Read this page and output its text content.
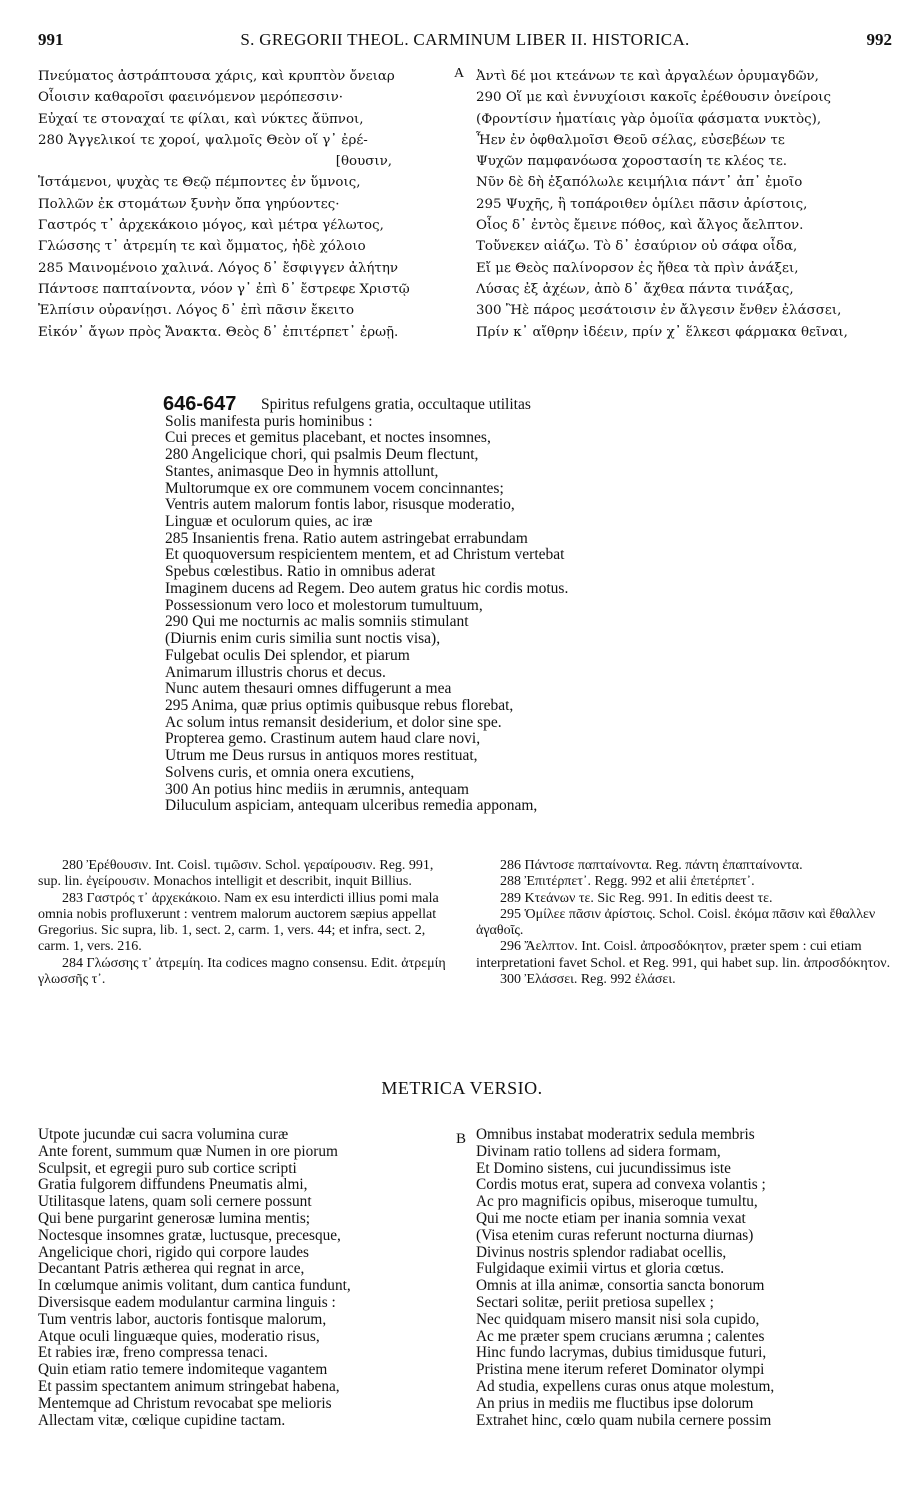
991	S. GREGORII THEOL. CARMINUM LIBER II. HISTORICA.	992
Πνεύματος ἀστράπτουσα χάρις, καὶ κρυπτὸν ὄνειαρ
Οἷοισιν καθαροῖσι φαεινόμενον μερόπεσσιν·
Εὐχαί τε στοναχαί τε φίλαι, καὶ νύκτες ἄϋπνοι,
280 Ἀγγελικοί τε χοροί, ψαλμοῖς Θεὸν οἵ γ᾽ ἐρέ-
[θουσιν,
Ἱστάμενοι, ψυχὰς τε Θεῷ πέμποντες ἐν ὕμνοις,
Πολλῶν ἐκ στομάτων ξυνὴν ὄπα γηρύοντες·
Γαστρός τ᾽ ἀρχεκάκοιο μόγος, καὶ μέτρα γέλωτος,
Γλώσσης τ᾽ ἀτρεμίη τε καὶ ὄμματος, ἠδὲ χόλοιο
285 Μαινομένοιο χαλινά. Λόγος δ᾽ ἔσφιγγεν ἀλήτην
Πάντοσε παπταίνοντα, νόον γ᾽ ἐπὶ δ᾽ ἔστρεφε Χριστῷ
Ἐλπίσιν οὐρανίῃσι. Λόγος δ᾽ ἐπὶ πᾶσιν ἔκειτο
Εἰκόν᾽ ἄγων πρὸς Ἄνακτα. Θεὸς δ᾽ ἐπιτέρπετ᾽ ἐρωῇ.
A Ἀντὶ δέ μοι κτεάνων τε καὶ ἀργαλέων ὀρυμαγδῶν,
290 Οἵ με καὶ ἐννυχίοισι κακοῖς ἐρέθουσιν ὀνείροις
(Φροντίσιν ἠματίαις γὰρ ὁμοίϊα φάσματα νυκτὸς),
Ἦεν ἐν ὀφθαλμοῖσι Θεοῦ σέλας, εὐσεβέων τε
Ψυχῶν παμφανόωσα χοροστασίη τε κλέος τε.
Νῦν δὲ δὴ ἐξαπόλωλε κειμήλια πάντ᾽ ἀπ᾽ ἐμοῖο
295 Ψυχῆς, ἣ τοπάροιθεν ὁμίλει πᾶσιν ἀρίστοις,
Οἶος δ᾽ ἐντὸς ἔμεινε πόθος, καὶ ἄλγος ἄελπτον.
Τοὔνεκεν αἰάζω. Τὸ δ᾽ ἐσαύριον οὐ σάφα οἶδα,
Εἴ με Θεὸς παλίνορσον ἐς ἤθεα τὰ πρὶν ἀνάξει,
Λύσας ἐξ ἀχέων, ἀπὸ δ᾽ ἄχθεα πάντα τινάξας,
300 Ἢὲ πάρος μεσάτοισιν ἐν ἄλγεσιν ἔνθεν ἐλάσσει,
Πρίν κ᾽ αἴθρην ἰδέειν, πρίν χ᾽ ἕλκεσι φάρμακα θεῖναι,
646-647	Spiritus refulgens gratia, occultaque utilitas
Solis manifesta puris hominibus :
Cui preces et gemitus placebant, et noctes insomnes,
280 Angelicique chori, qui psalmis Deum flectunt,
Stantes, animasque Deo in hymnis attollunt,
Multorumque ex ore communem vocem concinnantes;
Ventris autem malorum fontis labor, risusque moderatio,
Linguæ et oculorum quies, ac iræ
285 Insanientis frena. Ratio autem astringebat errabundam
Et quoquoversum respicientem mentem, et ad Christum vertebat
Spebus cœlestibus. Ratio in omnibus aderat
Imaginem ducens ad Regem. Deo autem gratus hic cordis motus.
Possessionum vero loco et molestorum tumultuum,
290 Qui me nocturnis ac malis somniis stimulant
(Diurnis enim curis similia sunt noctis visa),
Fulgebat oculis Dei splendor, et piarum
Animarum illustris chorus et decus.
Nunc autem thesauri omnes diffugerunt a mea
295 Anima, quæ prius optimis quibusque rebus florebat,
Ac solum intus remansit desiderium, et dolor sine spe.
Propterea gemo. Crastinum autem haud clare novi,
Utrum me Deus rursus in antiquos mores restituat,
Solvens curis, et omnia onera excutiens,
300 An potius hinc mediis in ærumnis, antequam
Diluculum aspiciam, antequam ulceribus remedia apponam,

280 Ἐρέθουσιν. Int. Coisl. τιμῶσιν. Schol. γεραίρουσιν. Reg. 991, sup. lin. ἐγείρουσιν. Monachos intelligit et describit, inquit Billius.

283 Γαστρός τ᾽ ἀρχεκάκοιο. Nam ex esu interdicti illius pomi mala omnia nobis profluxerunt : ventrem malorum auctorem sæpius appellat Gregorius. Sic supra, lib. 1, sect. 2, carm. 1, vers. 44; et infra, sect. 2, carm. 1, vers. 216.

284 Γλώσσης τ᾽ ἀτρεμίη. Ita codices magno consensu. Edit. ἀτρεμίη γλωσσῆς τ᾽.

286 Πάντοσε παπταίνοντα. Reg. πάντη ἐπαπταίνοντα.

288 Ἐπιτέρπετ᾽. Regg. 992 et alii ἐπετέρπετ᾽.

289 Κτεάνων τε. Sic Reg. 991. In editis deest τε.

295 Ὁμίλεε πᾶσιν ἀρίστοις. Schol. Coisl. ἐκόμα πᾶσιν καὶ ἔθαλλεν ἀγαθοῖς.

296 Ἄελπτον. Int. Coisl. ἀπροσδόκητον, præter spem : cui etiam interpretationi favet Schol. et Reg. 991, qui habet sup. lin. ἀπροσδόκητον.

300 Ἐλάσσει. Reg. 992 ἐλάσει.

METRICA VERSIO.
Utpote jucundæ cui sacra volumina curæ
Ante forent, summum quæ Numen in ore piorum
Sculpsit, et egregii puro sub cortice scripti
Gratia fulgorem diffundens Pneumatis almi,
Utilitasque latens, quam soli cernere possunt
Qui bene purgarint generosæ lumina mentis;
Noctesque insomnes gratæ, luctusque, precesque,
Angelicique chori, rigido qui corpore laudes
Decantant Patris æthereа qui regnat in arce,
In cœlumque animis volitant, dum cantica fundunt,
Diversisque eadem modulantur carmina linguis :
Tum ventris labor, auctoris fontisque malorum,
Atque oculi linguæque quies, moderatio risus,
Et rabies iræ, freno compressa tenaci.
Quin etiam ratio temere indomiteque vagantem
Et passim spectantem animum stringebat habena,
Mentemque ad Christum revocabat spe melioris
Allectam vitæ, cœlique cupidine tactam.
B Omnibus instabat moderatrix sedula membris
Divinam ratio tollens ad sidera formam,
Et Domino sistens, cui jucundissimus iste
Cordis motus erat, supera ad convexa volantis ;
Ac pro magnificis opibus, miseroque tumultu,
Qui me nocte etiam per inania somnia vexat
(Visa etenim curas referunt nocturna diurnas)
Divinus nostris splendor radiabat ocellis,
Fulgidaque eximii virtus et gloria cœtus.
Omnis at illa animæ, consortia sancta bonorum
Sectari solitæ, periit pretiosa supellex ;
Nec quidquam misero mansit nisi sola cupido,
Ac me præter spem crucians ærumna ; calentes
Hinc fundo lacrymas, dubius timidusque futuri,
Pristina mene iterum referet Dominator olympi
Ad studia, expellens curas onus atque molestum,
An prius in mediis me fluctibus ipse dolorum
Extrahet hinc, cœlo quam nubila cernere possim
